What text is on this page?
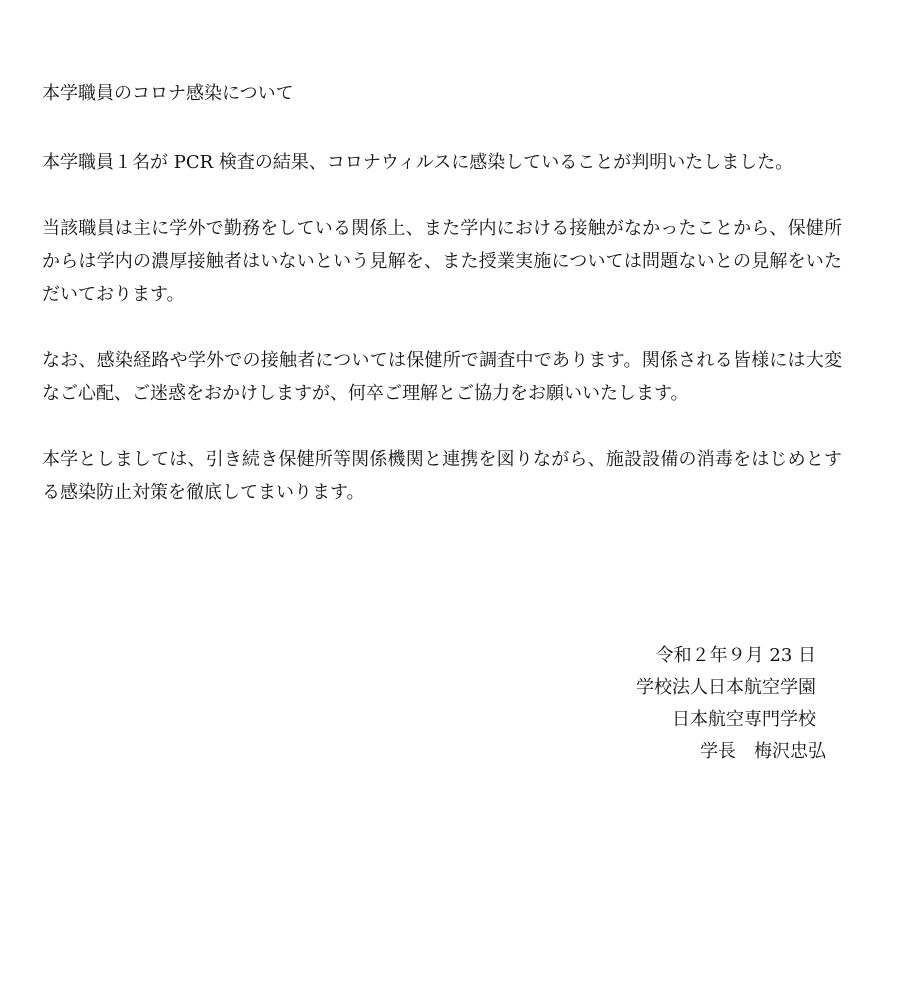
本学職員のコロナ感染について

本学職員１名が PCR 検査の結果、コロナウィルスに感染していることが判明いたしました。

当該職員は主に学外で勤務をしている関係上、また学内における接触がなかったことから、保健所からは学内の濃厚接触者はいないという見解を、また授業実施については問題ないとの見解をいただいております。

なお、感染経路や学外での接触者については保健所で調査中であります。関係される皆様には大変なご心配、ご迷惑をおかけしますが、何卒ご理解とご協力をお願いいたします。

本学としましては、引き続き保健所等関係機関と連携を図りながら、施設設備の消毒をはじめとする感染防止対策を徹底してまいります。

令和２年９月 23 日
学校法人日本航空学園
日本航空専門学校
学長　梅沢忠弘
